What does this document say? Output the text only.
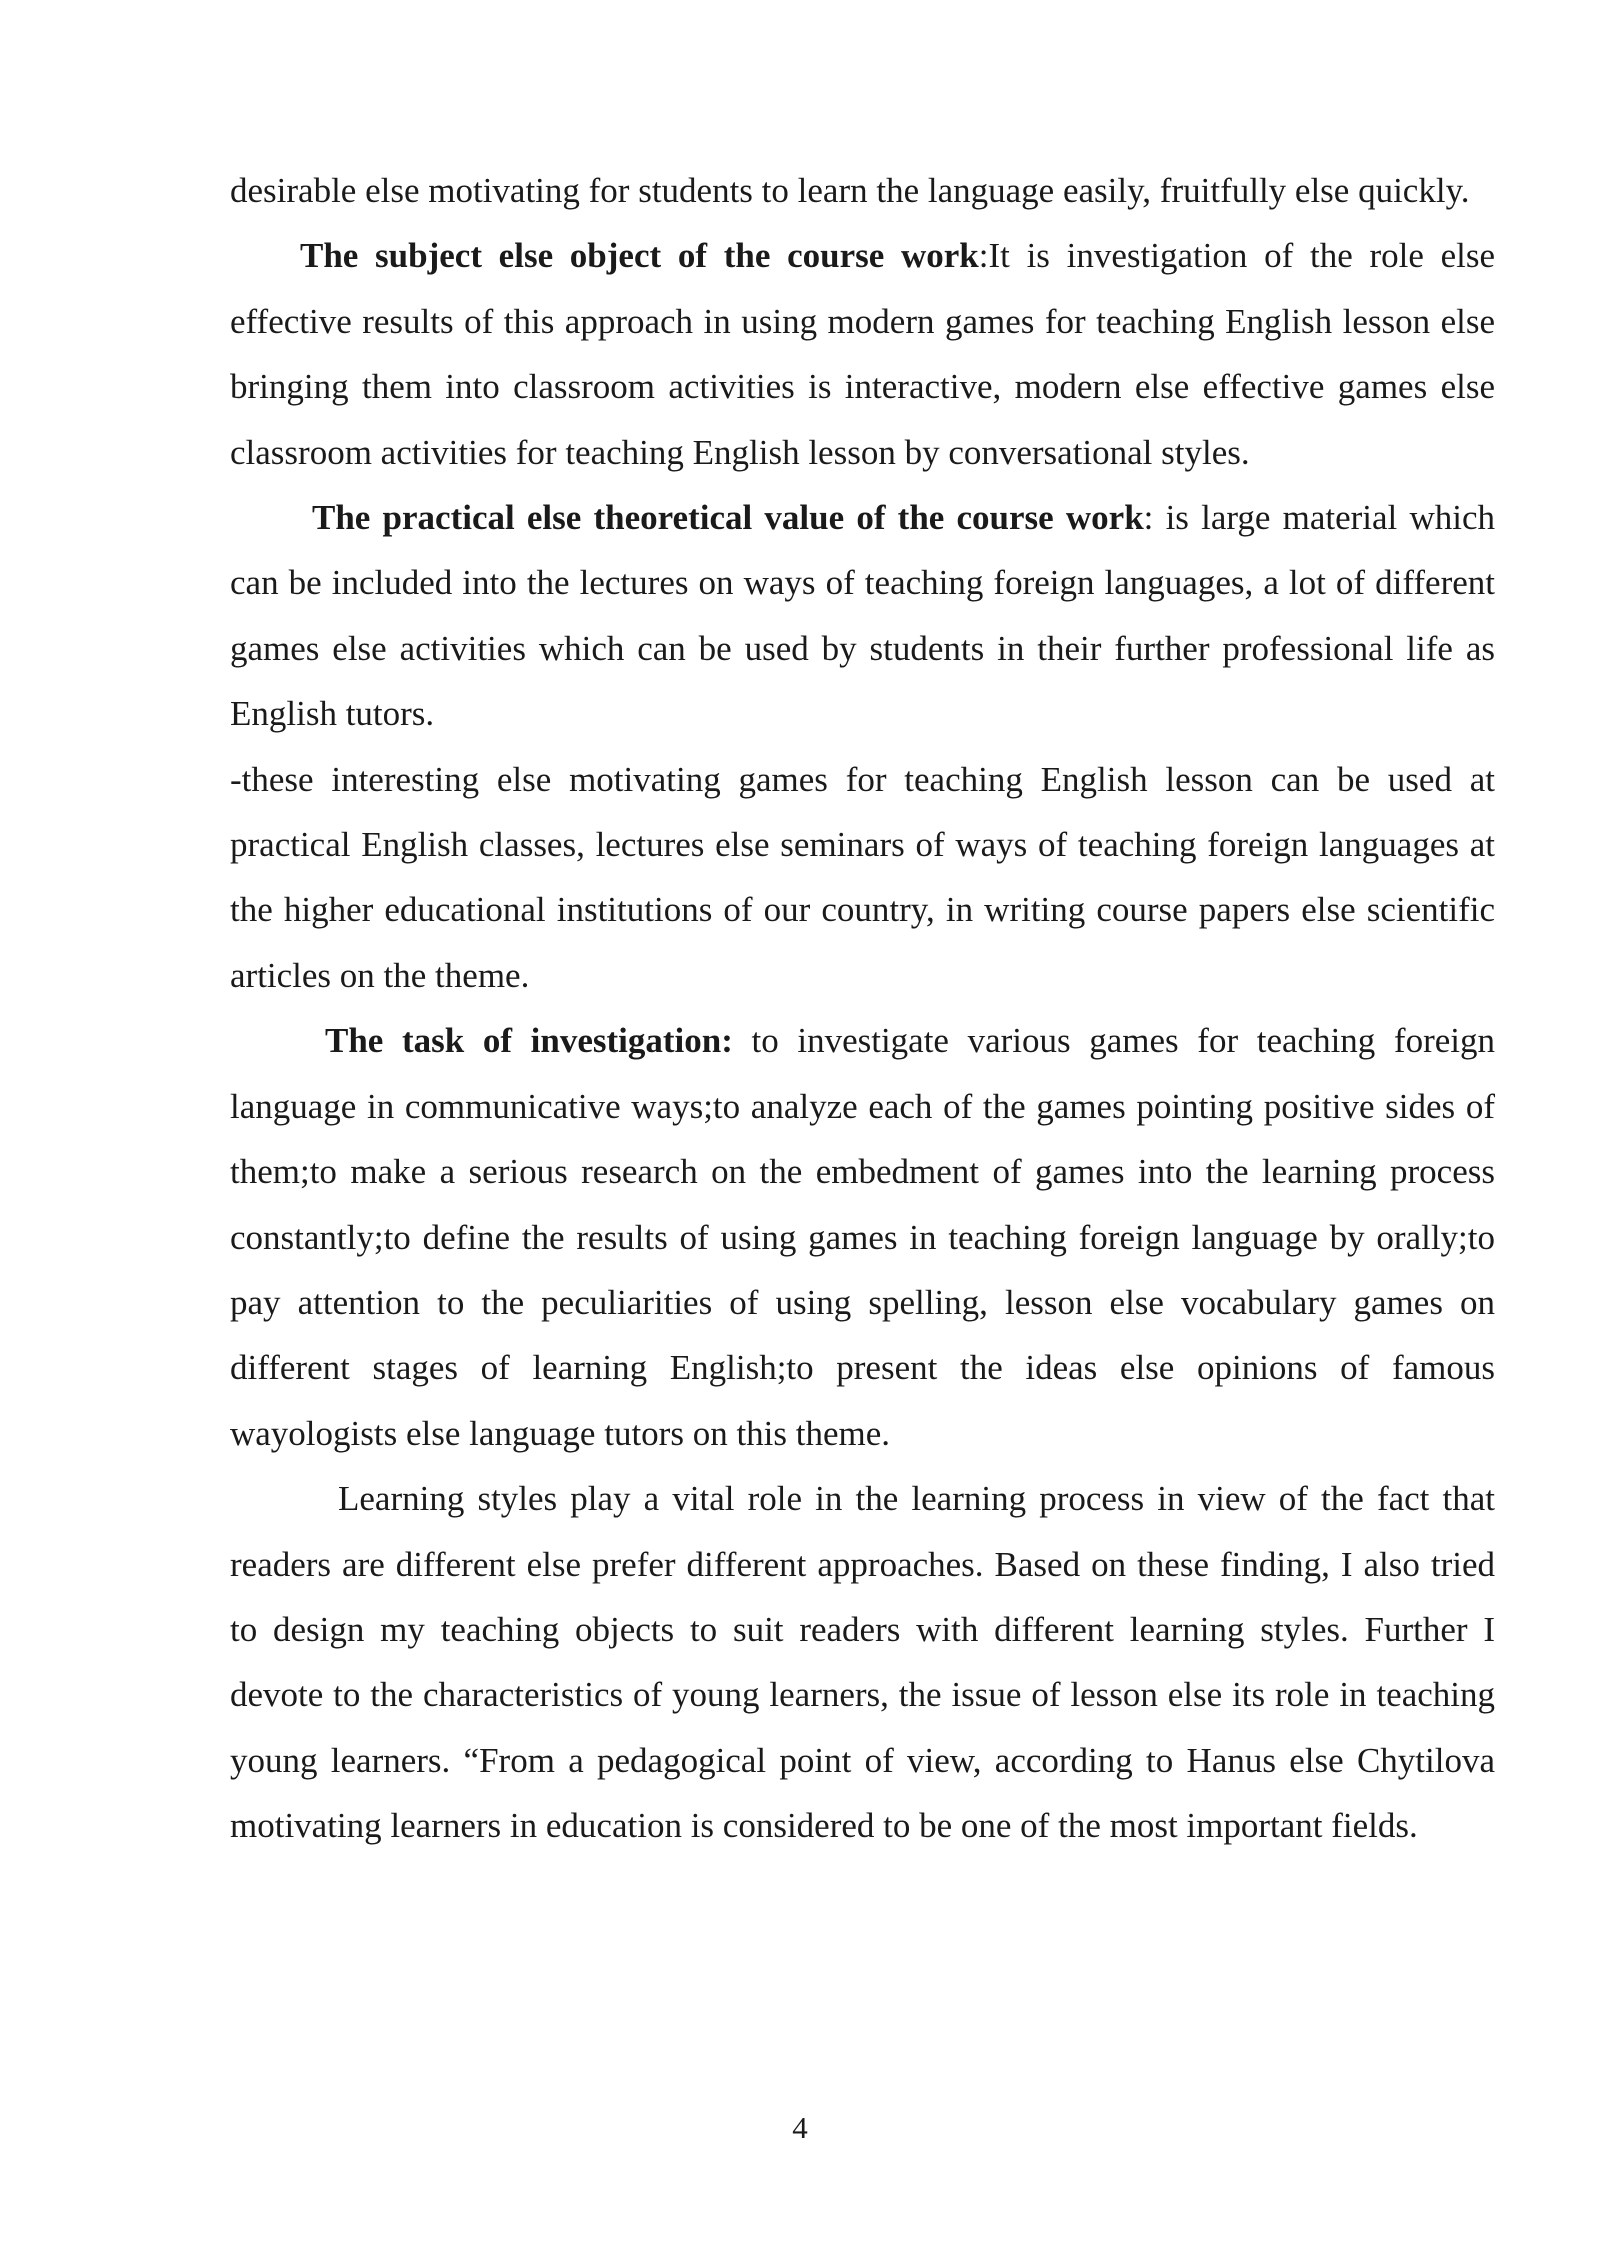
desirable else motivating for students to learn the language easily, fruitfully else quickly.

The subject else object of the course work:It is investigation of the role else effective results of this approach in using modern games for teaching English lesson else bringing them into classroom activities is interactive, modern else effective games else classroom activities for teaching English lesson by conversational styles.

The practical else theoretical value of the course work: is large material which can be included into the lectures on ways of teaching foreign languages, a lot of different games else activities which can be used by students in their further professional life as English tutors.

-these interesting else motivating games for teaching English lesson can be used at practical English classes, lectures else seminars of ways of teaching foreign languages at the higher educational institutions of our country, in writing course papers else scientific articles on the theme.

The task of investigation: to investigate various games for teaching foreign language in communicative ways;to analyze each of the games pointing positive sides of them;to make a serious research on the embedment of games into the learning process constantly;to define the results of using games in teaching foreign language by orally;to pay attention to the peculiarities of using spelling, lesson else vocabulary games on different stages of learning English;to present the ideas else opinions of famous wayologists else language tutors on this theme.

Learning styles play a vital role in the learning process in view of the fact that readers are different else prefer different approaches. Based on these finding, I also tried to design my teaching objects to suit readers with different learning styles. Further I devote to the characteristics of young learners, the issue of lesson else its role in teaching young learners. “From a pedagogical point of view, according to Hanus else Chytilova motivating learners in education is considered to be one of the most important fields.

4
